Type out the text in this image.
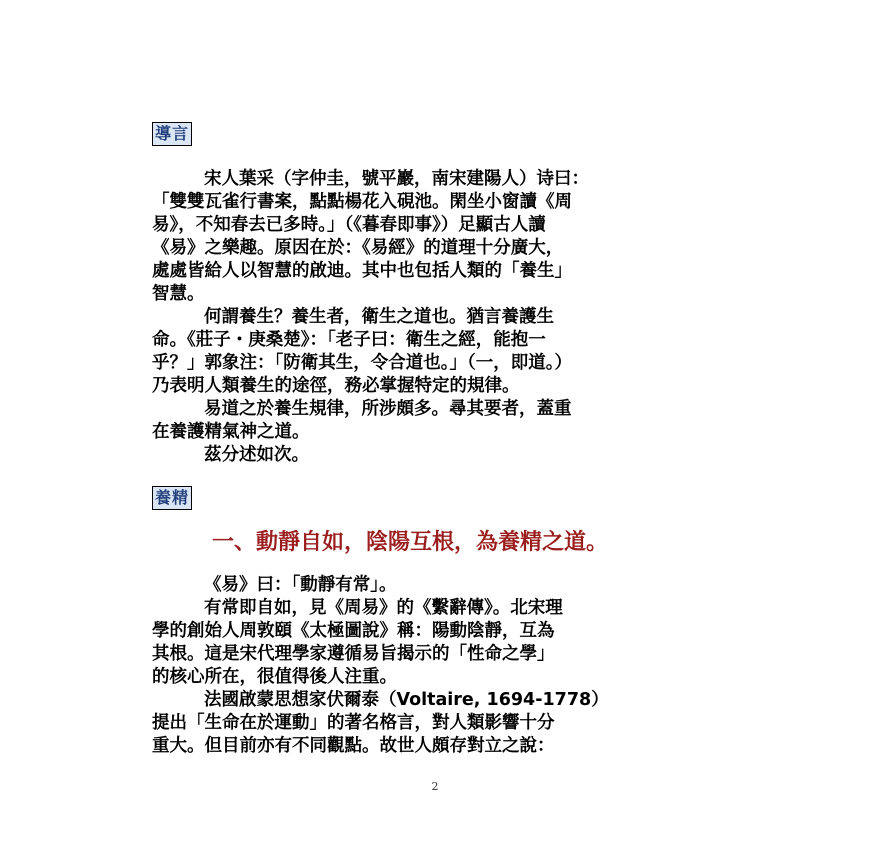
導言
宋人葉采（字仲圭，號平巖，南宋建陽人）诗曰：
「雙雙瓦雀行書案，點點楊花入硯池。閑坐小窗讀《周
易》，不知春去已多時。」（《暮春即事》）足顯古人讀
《易》之樂趣。原因在於：《易經》的道理十分廣大，
處處皆給人以智慧的啟迪。其中也包括人類的「養生」
智慧。
何謂養生？養生者，衛生之道也。猶言養護生
命。《莊子・庚桑楚》：「老子曰：衛生之經，能抱一
乎？」郭象注：「防衛其生，令合道也。」（一，即道。）
乃表明人類養生的途徑，務必掌握特定的規律。
易道之於養生規律，所涉頗多。尋其要者，蓋重
在養護精氣神之道。
茲分述如次。
養精
一、動靜自如，陰陽互根，為養精之道。
《易》曰：「動靜有常」。
有常即自如，見《周易》的《繫辭傳》。北宋理
學的創始人周敦頤《太極圖說》稱：陽動陰靜，互為
其根。這是宋代理學家遵循易旨揭示的「性命之學」
的核心所在，很值得後人注重。
法國啟蒙思想家伏爾泰（Voltaire, 1694-1778）
提出「生命在於運動」的著名格言，對人類影響十分
重大。但目前亦有不同觀點。故世人頗存對立之說：
2
